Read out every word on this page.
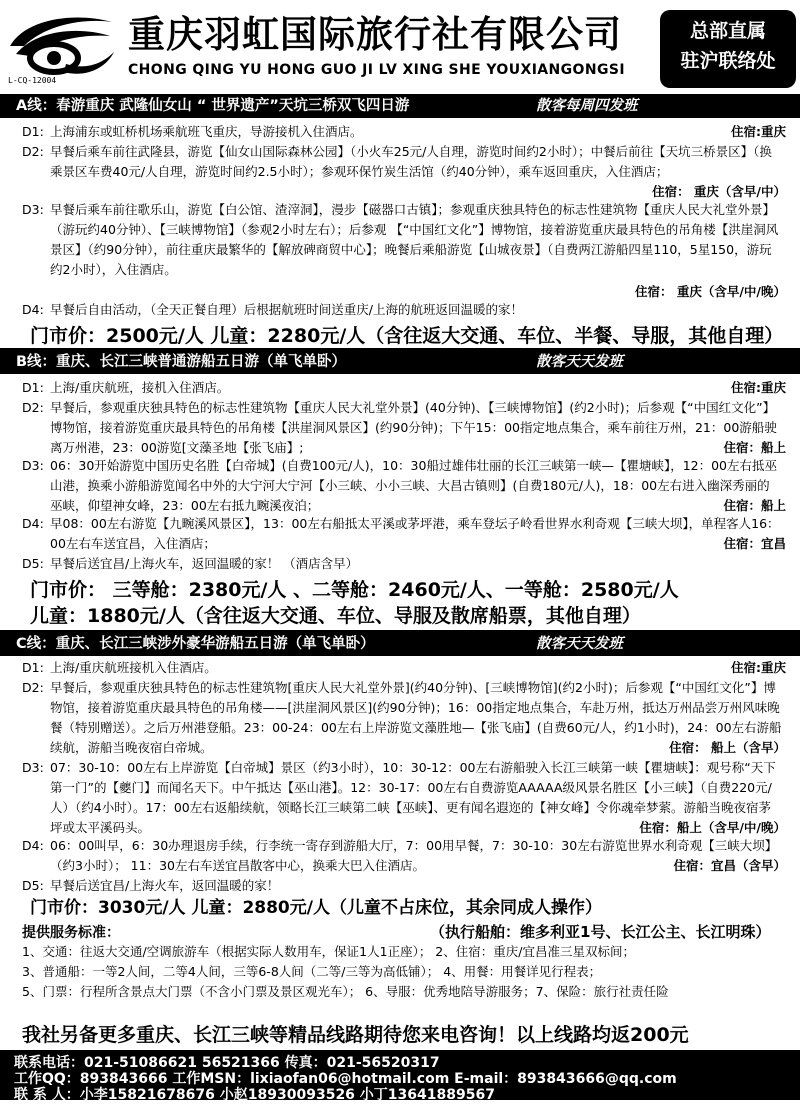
L-CQ-12004
重庆羽虹国际旅行社有限公司
CHONG QING YU HONG GUO JI LV XING SHE YOUXIANGONGSI
总部直属
驻沪联络处
A线：春游重庆 武隆仙女山 “ 世界遗产”天坑三桥双飞四日游	散客每周四发班
D1: 上海浦东或虹桥机场乘航班飞重庆，导游接机入住酒店。	住宿:重庆
D2: 早餐后乘车前往武隆县，游览【仙女山国际森林公园】（小火车25元/人自理，游览时间约2小时）；中餐后前往【天坑三桥景区】（换乘景区车费40元/人自理，游览时间约2.5小时）；参观环保竹炭生活馆（约40分钟），乘车返回重庆，入住酒店；
住宿： 重庆（含早/中）
D3: 早餐后乘车前往歌乐山，游览【白公馆、渣滓洞】，漫步【磁器口古镇】；参观重庆独具特色的标志性建筑物【重庆人民大礼堂外景】（游玩约40分钟）、【三峡博物馆】（参观2小时左右）；后参观 【“中国红文化”】博物馆，接着游览重庆最具特色的吊角楼【洪崖洞风景区】（约90分钟），前往重庆最繁华的【解放碑商贸中心】；晚餐后乘船游览【山城夜景】（自费两江游船四星110，5星150，游玩约2小时），入住酒店。
住宿： 重庆（含早/中/晚）
D4: 早餐后自由活动，（全天正餐自理）后根据航班时间送重庆/上海的航班返回温暖的家！
门市价：2500元/人 儿童：2280元/人（含往返大交通、车位、半餐、导服，其他自理）
B线：重庆、长江三峡普通游船五日游（单飞单卧）	散客天天发班
D1: 上海/重庆航班，接机入住酒店。	住宿:重庆
D2: 早餐后，参观重庆独具特色的标志性建筑物【重庆人民大礼堂外景】(40分钟)、【三峡博物馆】(约2小时)；后参观【“中国红文化”】博物馆，接着游览重庆最具特色的吊角楼【洪崖洞风景区】(约90分钟)；下午15：00指定地点集合，乘车前往万州，21：00游船驶离万州港，23：00游览[文藻圣地【张飞庙】;	住宿：船上
D3: 06：30开始游览中国历史名胜【白帝城】(自费100元/人)，10：30船过雄伟壮丽的长江三峡第一峡—【瞿塘峡】，12：00左右抵巫山港，换乘小游船游览闻名中外的大宁河大宁河【小三峡、小小三峡、大昌古镇则】(自费180元/人)，18：00左右进入幽深秀丽的巫峡，仰望神女峰，23：00左右抵九畹溪夜泊；	住宿：船上
D4: 早08：00左右游览【九畹溪风景区】，13：00左右船抵太平溪或茅坪港，乘车登坛子岭看世界水利奇观【三峡大坝】，单程客人16：00左右车送宜昌，入住酒店；	住宿：宜昌
D5: 早餐后送宜昌/上海火车，返回温暖的家！ （酒店含早）
门市价： 三等舱：2380元/人 、二等舱：2460元/人、一等舱：2580元/人
儿童：1880元/人（含往返大交通、车位、导服及散席船票，其他自理）
C线：重庆、长江三峡涉外豪华游船五日游（单飞单卧）	散客天天发班
D1: 上海/重庆航班接机入住酒店。	住宿:重庆
D2: 早餐后，参观重庆独具特色的标志性建筑物[重庆人民大礼堂外景](约40分钟)、[三峡博物馆](约2小时)；后参观【“中国红文化”】博物馆，接着游览重庆最具特色的吊角楼——[洪崖洞风景区](约90分钟)；16：00指定地点集合，车赴万州，抵达万州品尝万州风味晚餐（特别赠送）。之后万州港登船。23：00-24：00左右上岸游览文藻胜地—【张飞庙】(自费60元/人，约1小时)，24：00左右游船续航，游船当晚夜宿白帝城。	住宿： 船上（含早）
D3: 07：30-10：00左右上岸游览【白帝城】景区（约3小时），10：30-12：00左右游船驶入长江三峡第一峡【瞿塘峡】：观号称“天下第一门”的【夔门】而闻名天下。中午抵达【巫山港】。12：30-17：00左右自费游览AAAAA级风景名胜区【小三峡】（自费220元/人）（约4小时）。17：00左右返船续航，领略长江三峡第二峡【巫峡】、更有闻名遐迩的【神女峰】令你魂牵梦萦。游船当晚夜宿茅坪或太平溪码头。	住宿：船上（含早/中/晚）
D4: 06：00叫早，6：30办理退房手续，行李统一寄存到游船大厅，7：00用早餐，7：30-10：30左右游览世界水利奇观【三峡大坝】（约3小时）； 11：30左右车送宜昌散客中心，换乘大巴入住酒店。	住宿：宜昌（含早）
D5: 早餐后送宜昌/上海火车，返回温暖的家！
门市价：3030元/人 儿童：2880元/人（儿童不占床位，其余同成人操作）
提供服务标准：	（执行船舶：维多利亚1号、长江公主、长江明珠）
1、交通：往返大交通/空调旅游车（根据实际人数用车，保证1人1正座）； 2、住宿：重庆/宜昌准三星双标间；
3、普通船：一等2人间，二等4人间，三等6-8人间（二等/三等为高低铺）； 4、用餐：用餐详见行程表；
5、门票：行程所含景点大门票（不含小门票及景区观光车）； 6、导服：优秀地陪导游服务；7、保险：旅行社责任险
我社另备更多重庆、长江三峡等精品线路期待您来电咨询！以上线路均返200元
联系电话：021-51086621 56521366 传真：021-56520317
工作QQ：893843666 工作MSN：lixiaofan06@hotmail.com E-mail：893843666@qq.com
联 系 人：小李15821678676 小赵18930093526 小丁13641889567
